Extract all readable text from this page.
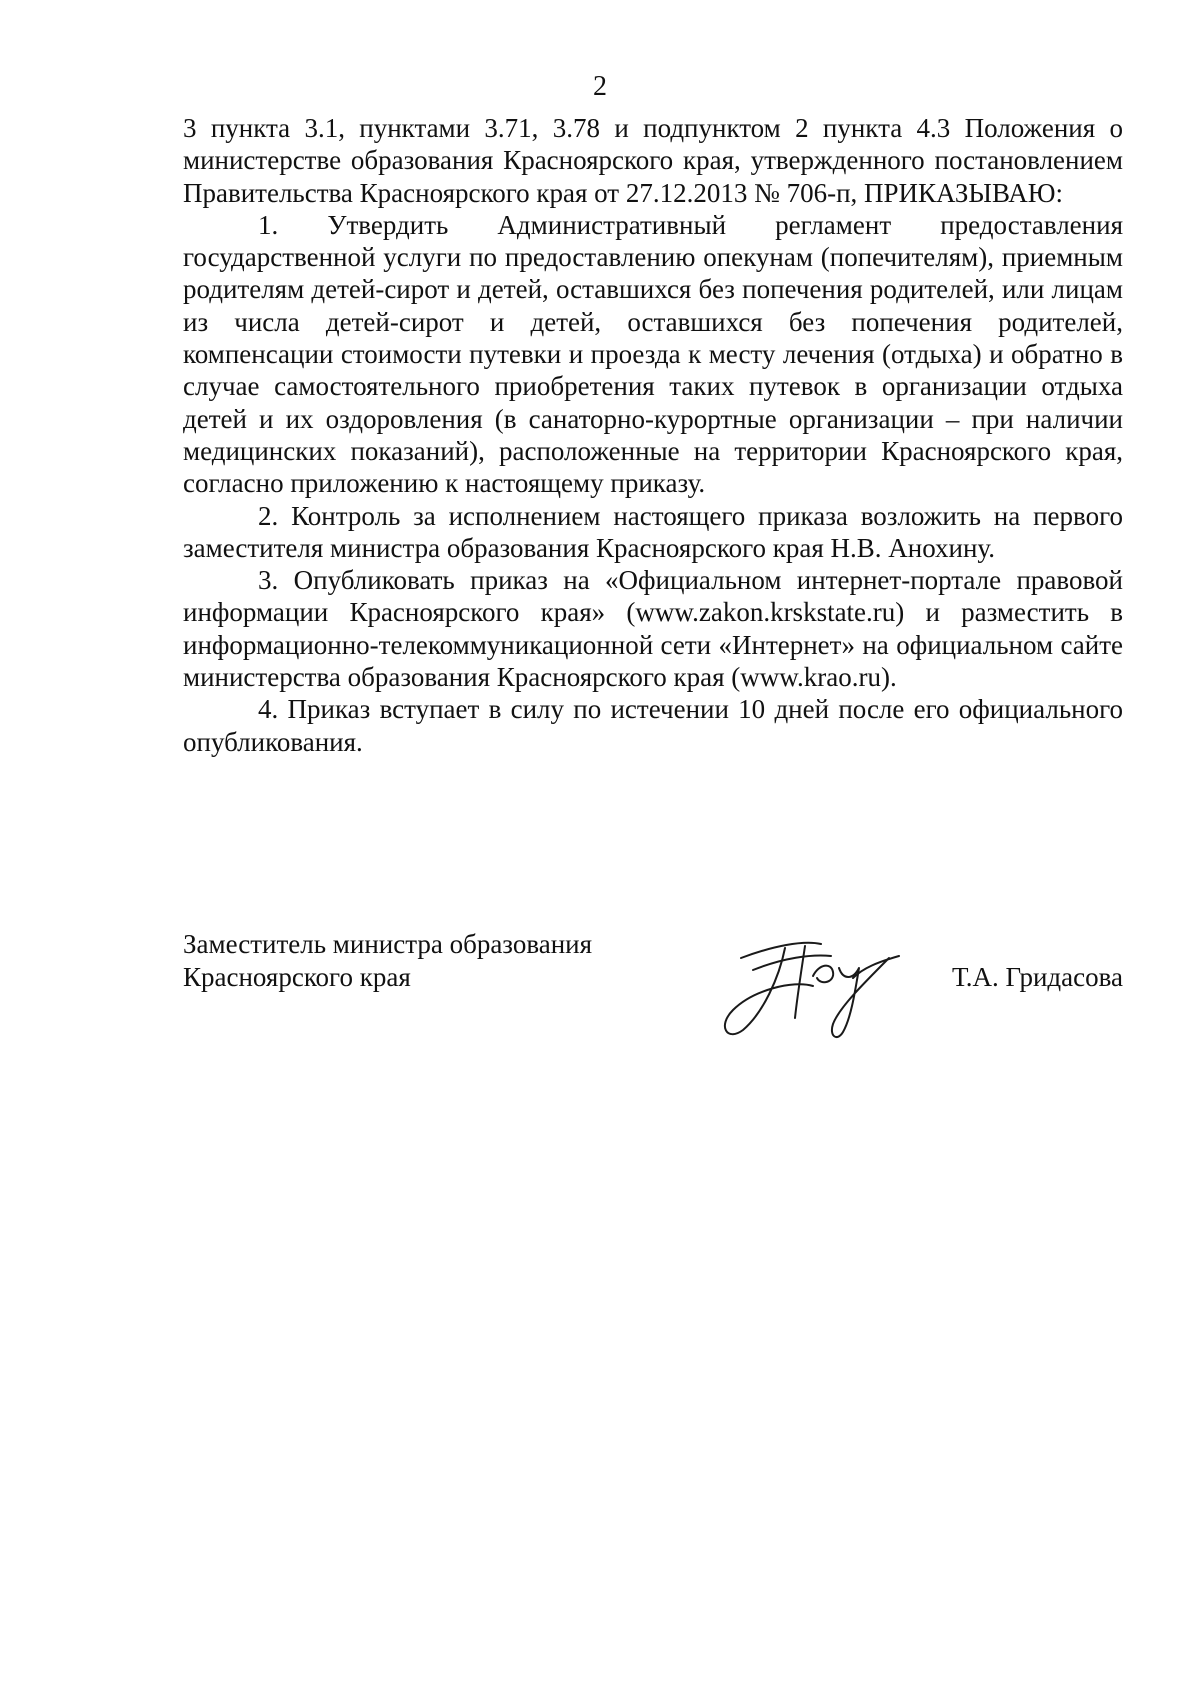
2

3 пункта 3.1, пунктами 3.71, 3.78 и подпунктом 2 пункта 4.3 Положения о министерстве образования Красноярского края, утвержденного постановлением Правительства Красноярского края от 27.12.2013 № 706-п, ПРИКАЗЫВАЮ:

1. Утвердить Административный регламент предоставления государственной услуги по предоставлению опекунам (попечителям), приемным родителям детей-сирот и детей, оставшихся без попечения родителей, или лицам из числа детей-сирот и детей, оставшихся без попечения родителей, компенсации стоимости путевки и проезда к месту лечения (отдыха) и обратно в случае самостоятельного приобретения таких путевок в организации отдыха детей и их оздоровления (в санаторно-курортные организации – при наличии медицинских показаний), расположенные на территории Красноярского края, согласно приложению к настоящему приказу.

2. Контроль за исполнением настоящего приказа возложить на первого заместителя министра образования Красноярского края Н.В. Анохину.

3. Опубликовать приказ на «Официальном интернет-портале правовой информации Красноярского края» (www.zakon.krskstate.ru) и разместить в информационно-телекоммуникационной сети «Интернет» на официальном сайте министерства образования Красноярского края (www.krao.ru).

4. Приказ вступает в силу по истечении 10 дней после его официального опубликования.

Заместитель министра образования
Красноярского края	Т.А. Гридасова
